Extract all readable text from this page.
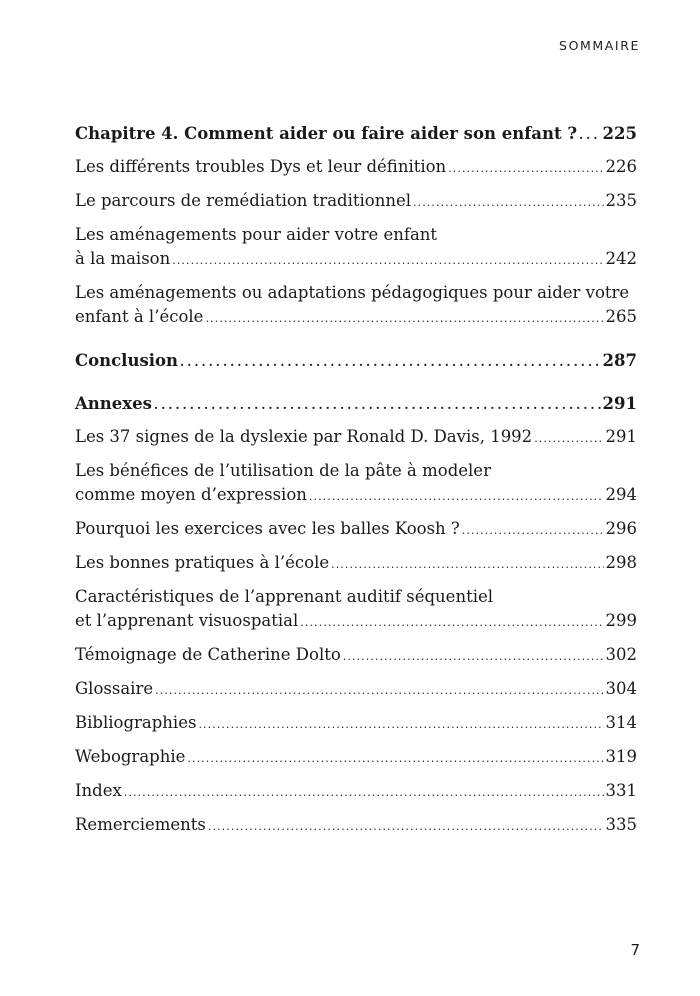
SOMMAIRE
Chapitre 4. Comment aider ou faire aider son enfant ? . . . 225
Les différents troubles Dys et leur définition . . .	226
Le parcours de remédiation traditionnel . . .	235
Les aménagements pour aider votre enfant
à la maison . . .	242
Les aménagements ou adaptations pédagogiques pour aider votre
enfant à l’école . . .	265
Conclusion . . .	287
Annexes . . .	291
Les 37 signes de la dyslexie par Ronald D. Davis, 1992 . . .	291
Les bénéfices de l’utilisation de la pâte à modeler
comme moyen d’expression . . .	294
Pourquoi les exercices avec les balles Koosh ? . . .	296
Les bonnes pratiques à l’école . . .	298
Caractéristiques de l’apprenant auditif séquentiel
et l’apprenant visuospatial . . .	299
Témoignage de Catherine Dolto . . .	302
Glossaire . . .	304
Bibliographies . . .	314
Webographie . . .	319
Index . . .	331
Remerciements . . .	335
7
